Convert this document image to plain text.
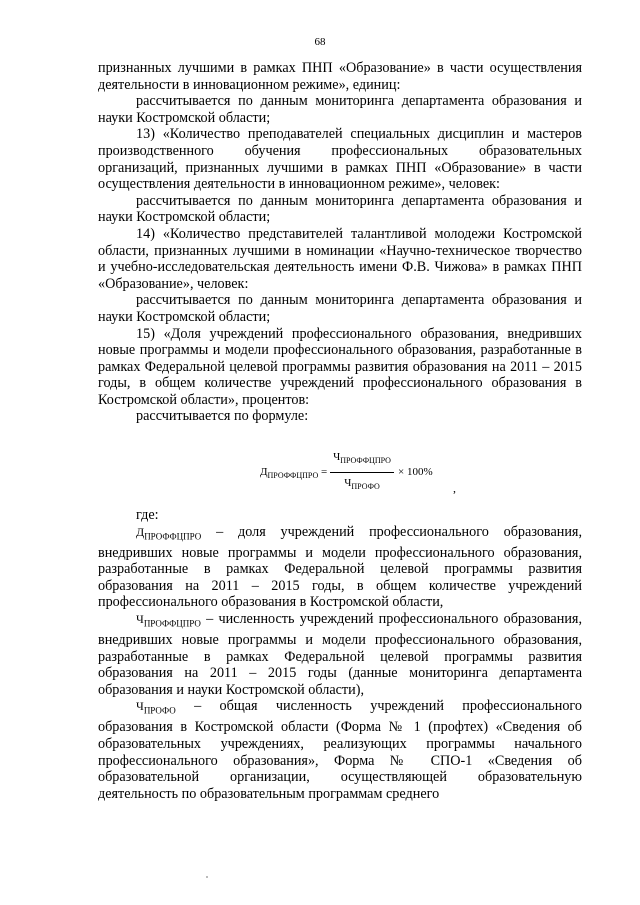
68

признанных лучшими в рамках ПНП «Образование» в части осуществления деятельности в инновационном режиме», единиц:

рассчитывается по данным мониторинга департамента образования и науки Костромской области;

13) «Количество преподавателей специальных дисциплин и мастеров производственного обучения профессиональных образовательных организаций, признанных лучшими в рамках ПНП «Образование» в части осуществления деятельности в инновационном режиме», человек:

рассчитывается по данным мониторинга департамента образования и науки Костромской области;

14) «Количество представителей талантливой молодежи Костромской области, признанных лучшими в номинации «Научно-техническое творчество и учебно-исследовательская деятельность имени Ф.В. Чижова» в рамках ПНП «Образование», человек:

рассчитывается по данным мониторинга департамента образования и науки Костромской области;

15) «Доля учреждений профессионального образования, внедривших новые программы и модели профессионального образования, разработанные в рамках Федеральной целевой программы развития образования на 2011 – 2015 годы, в общем количестве учреждений профессионального образования в Костромской области», процентов:

рассчитывается по формуле:

$Д_{ПРОФФЦПРО}$ =
$Ч_{ПРОФФЦПРО}$
$Ч_{ПРОФО}$
× 100%
,

где:

$Д_{ПРОФФЦПРО}$ – доля учреждений профессионального образования, внедривших новые программы и модели профессионального образования, разработанные в рамках Федеральной целевой программы развития образования на 2011 – 2015 годы, в общем количестве учреждений профессионального образования в Костромской области,

$Ч_{ПРОФФЦПРО}$ – численность учреждений профессионального образования, внедривших новые программы и модели профессионального образования, разработанные в рамках Федеральной целевой программы развития образования на 2011 – 2015 годы (данные мониторинга департамента образования и науки Костромской области),

$Ч_{ПРОФО}$ – общая численность учреждений профессионального образования в Костромской области (Форма № 1 (профтех) «Сведения об образовательных учреждениях, реализующих программы начального профессионального образования», Форма № СПО-1 «Сведения об образовательной организации, осуществляющей образовательную деятельность по образовательным программам среднего
